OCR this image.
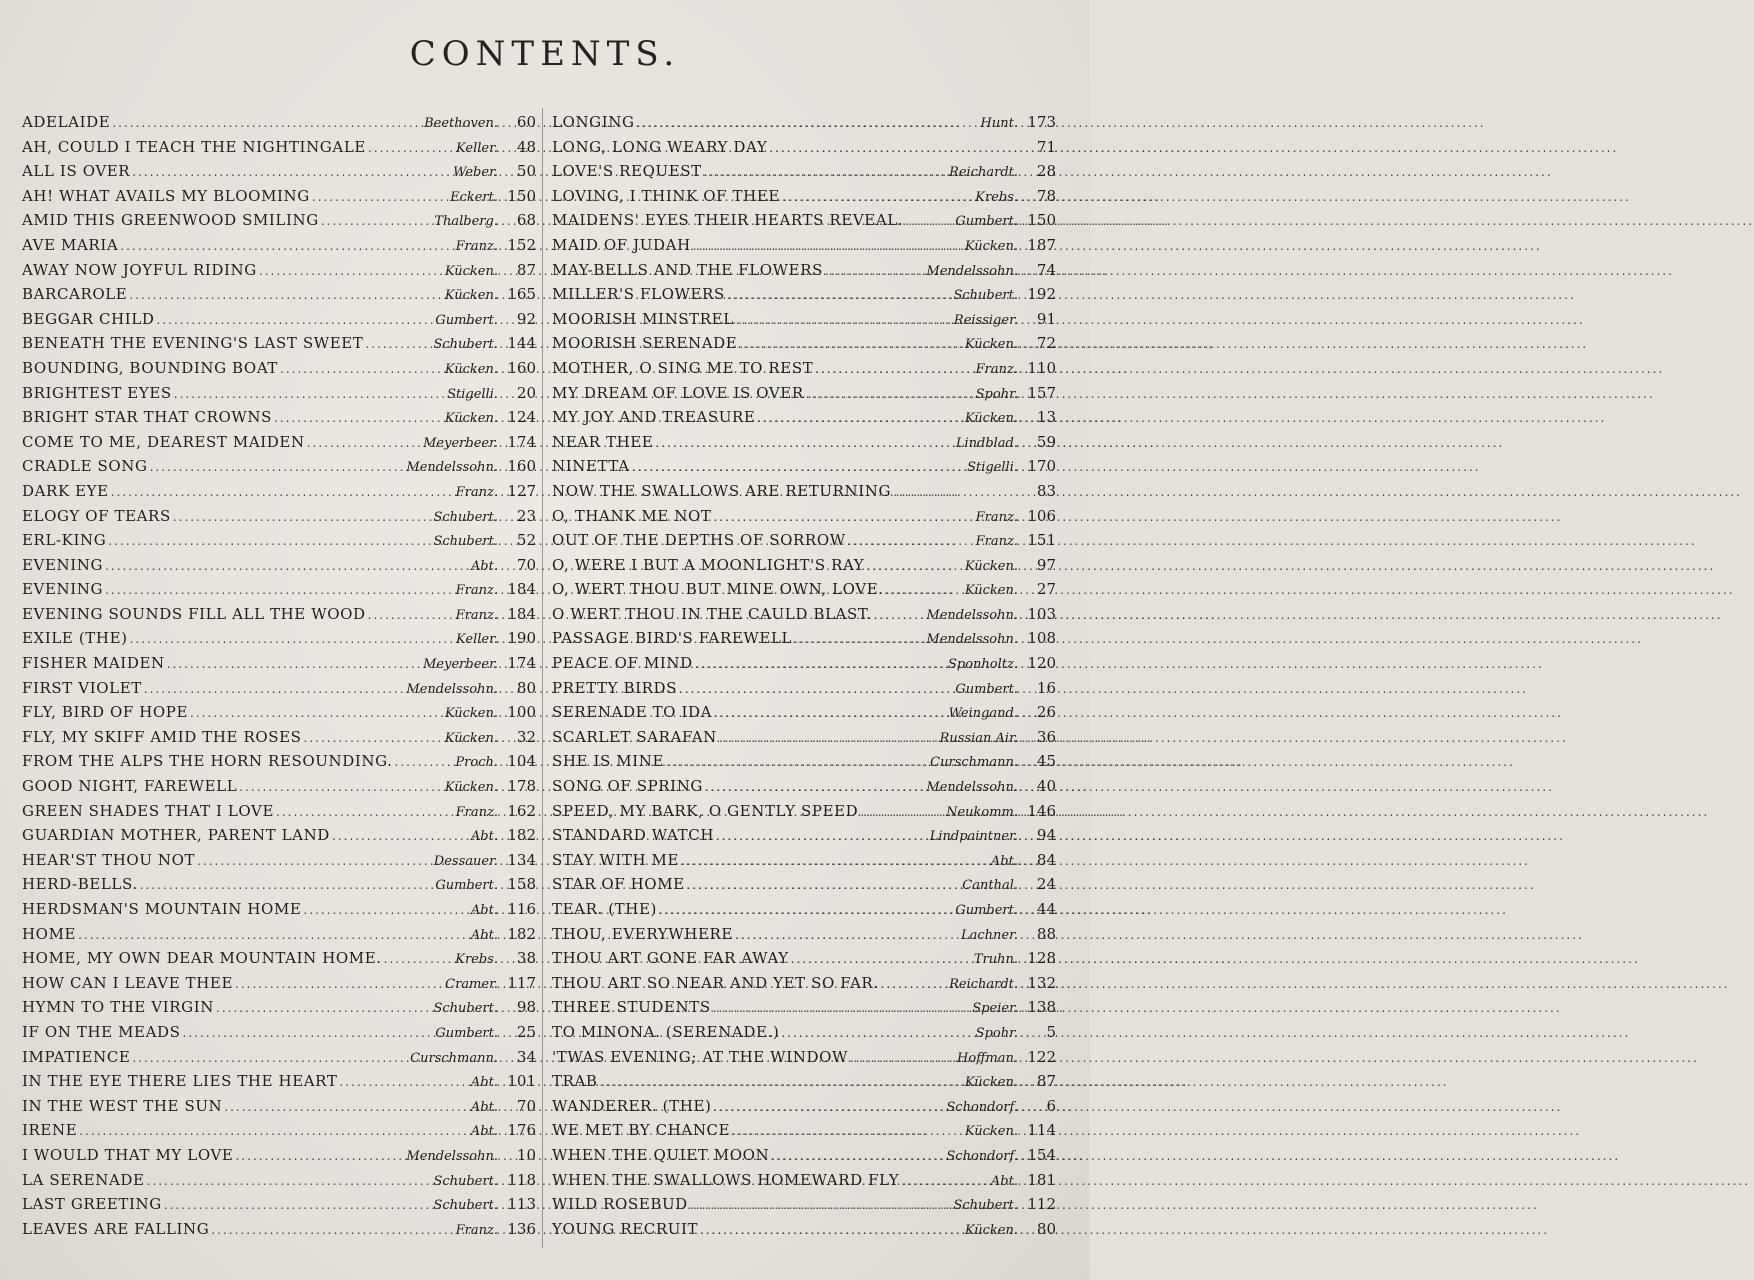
CONTENTS.
ADELAIDE .....	Beethoven.	60
AH, COULD I TEACH THE NIGHTINGALE .....	Keller.	48
ALL IS OVER .....	Weber.	50
AH! WHAT AVAILS MY BLOOMING .....	Eckert. 150
AMID THIS GREENWOOD SMILING .....	Thalberg.	68
AVE MARIA .....	Franz. 152
AWAY NOW JOYFUL RIDING .....	Kücken.	87
BARCAROLE .....	Kücken. 165
BEGGAR CHILD .....	Gumbert.	92
BENEATH THE EVENING'S LAST SWEET .....	Schubert. 144
BOUNDING, BOUNDING BOAT .....	Kücken. 160
BRIGHTEST EYES .....	Stigelli.	20
BRIGHT STAR THAT CROWNS .....	Kücken. 124
COME TO ME, DEAREST MAIDEN .....	Meyerbeer. 174
CRADLE SONG .....	Mendelssohn. 160
DARK EYE .....	Franz. 127
ELOGY OF TEARS .....	Schubert.	23
ERL-KING .....	Schubert.	52
EVENING .....	Abt.	70
EVENING .....	Franz. 184
EVENING SOUNDS FILL ALL THE WOOD .....	Franz. 184
EXILE (THE) .....	Keller. 190
FISHER MAIDEN .....	Meyerbeer. 174
FIRST VIOLET .....	Mendelssohn.	80
FLY, BIRD OF HOPE .....	Kücken. 100
FLY, MY SKIFF AMID THE ROSES .....	Kücken.	32
FROM THE ALPS THE HORN RESOUNDING. .....	Proch. 104
GOOD NIGHT, FAREWELL .....	Kücken. 178
GREEN SHADES THAT I LOVE .....	Franz. 162
GUARDIAN MOTHER, PARENT LAND .....	Abt. 182
HEAR'ST THOU NOT .....	Dessauer. 134
HERD-BELLS. .....	Gumbert. 158
HERDSMAN'S MOUNTAIN HOME .....	Abt. 116
HOME .....	Abt. 182
HOME, MY OWN DEAR MOUNTAIN HOME. .....	Krebs.	38
HOW CAN I LEAVE THEE .....	Cramer. 117
HYMN TO THE VIRGIN .....	Schubert.	98
IF ON THE MEADS .....	Gumbert.	25
IMPATIENCE .....	Curschmann.	34
IN THE EYE THERE LIES THE HEART .....	Abt. 101
IN THE WEST THE SUN .....	Abt.	70
IRENE .....	Abt. 176
I WOULD THAT MY LOVE .....	Mendelssohn.	10
LA SERENADE .....	Schubert. 118
LAST GREETING .....	Schubert. 113
LEAVES ARE FALLING .....	Franz. 136
LONGING .....	Hunt. 173
LONG, LONG WEARY DAY .....	71
LOVE'S REQUEST .....	Reichardt.	28
LOVING, I THINK OF THEE .....	Krebs.	78
MAIDENS' EYES THEIR HEARTS REVEAL. .....	Gumbert. 150
MAID OF JUDAH .....	Kücken. 187
MAY-BELLS AND THE FLOWERS .....	Mendelssohn.	74
MILLER'S FLOWERS .....	Schubert. 192
MOORISH MINSTREL .....	Reissiger.	91
MOORISH SERENADE .....	Kücken.	72
MOTHER, O SING ME TO REST .....	Franz. 110
MY DREAM OF LOVE IS OVER .....	Spohr. 157
MY JOY AND TREASURE .....	Kücken.	13
NEAR THEE .....	Lindblad.	59
NINETTA .....	Stigelli. 170
NOW THE SWALLOWS ARE RETURNING .....	83
O, THANK ME NOT .....	Franz. 106
OUT OF THE DEPTHS OF SORROW .....	Franz. 151
O, WERE I BUT A MOONLIGHT'S RAY .....	Kücken.	97
O, WERT THOU BUT MINE OWN, LOVE. .....	Kücken.	27
O WERT THOU IN THE CAULD BLAST. .....	Mendelssohn. 103
PASSAGE BIRD'S FAREWELL .....	Mendelssohn. 108
PEACE OF MIND .....	Sponholtz. 120
PRETTY BIRDS .....	Gumbert.	16
SERENADE TO IDA .....	Weingand.	26
SCARLET SARAFAN .....	Russian Air.	36
SHE IS MINE .....	Curschmann.	45
SONG OF SPRING .....	Mendelssohn.	40
SPEED, MY BARK, O GENTLY SPEED .....	Neukomm. 146
STANDARD WATCH .....	Lindpaintner.	94
STAY WITH ME .....	Abt.	84
STAR OF HOME .....	Canthal.	24
TEAR. (THE) .....	Gumbert.	44
THOU, EVERYWHERE .....	Lachner.	88
THOU ART GONE FAR AWAY .....	Truhn. 128
THOU ART SO NEAR AND YET SO FAR. .....	Reichardt. 132
THREE STUDENTS .....	Speier. 138
TO MINONA. (SERENADE.) .....	Spohr.	5
'TWAS EVENING; AT THE WINDOW .....	Hoffman. 122
TRAB .....	Kücken.	87
WANDERER. (THE) .....	Schondorf.	6
WE MET BY CHANCE .....	Kücken. 114
WHEN THE QUIET MOON .....	Schondorf. 154
WHEN THE SWALLOWS HOMEWARD FLY .....	Abt. 181
WILD ROSEBUD .....	Schubert. 112
YOUNG RECRUIT .....	Kücken.	80
